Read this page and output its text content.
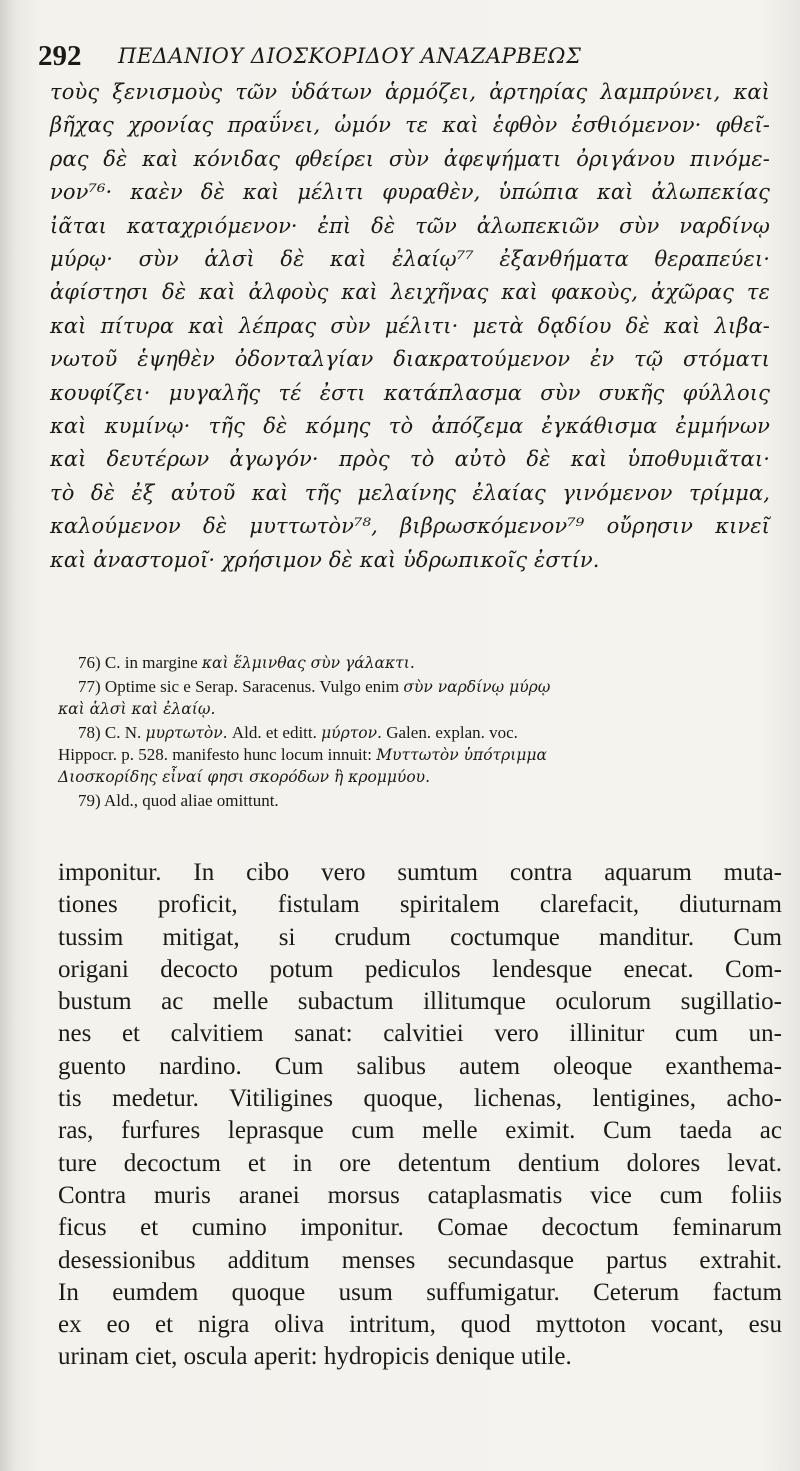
292 ΠΕΔΑΝΙΟΥ ΔΙΟΣΚΟΡΙΔΟΥ ΑΝΑΖΑΡΒΕΩΣ
τοὺς ξενισμοὺς τῶν ὑδάτων ἁρμόζει, ἀρτηρίας λαμπρύνει, καὶ
βῆχας χρονίας πραΰνει, ὠμόν τε καὶ ἑφθὸν ἐσθιόμενον· φθεῖ-
ρας δὲ καὶ κόνιδας φθείρει σὺν ἀφεψήματι ὀριγάνου πινόμε-
νον⁷⁶· καὲν δὲ καὶ μέλιτι φυραθὲν, ὑπώπια καὶ ἀλωπεκίας
ἰᾶται καταχριόμενον· ἐπὶ δὲ τῶν ἀλωπεκιῶν σὺν ναρδίνῳ
μύρῳ· σὺν ἁλσὶ δὲ καὶ ἐλαίῳ⁷⁷ ἐξανθήματα θεραπεύει·
ἀφίστησι δὲ καὶ ἀλφοὺς καὶ λειχῆνας καὶ φακοὺς, ἀχῶρας τε
καὶ πίτυρα καὶ λέπρας σὺν μέλιτι· μετὰ δᾳδίου δὲ καὶ λιβα-
νωτοῦ ἑψηθὲν ὀδονταλγίαν διακρατούμενον ἐν τῷ στόματι
κουφίζει· μυγαλῆς τέ ἐστι κατάπλασμα σὺν συκῆς φύλλοις
καὶ κυμίνῳ· τῆς δὲ κόμης τὸ ἀπόζεμα ἐγκάθισμα ἐμμήνων
καὶ δευτέρων ἀγωγόν· πρὸς τὸ αὐτὸ δὲ καὶ ὑποθυμιᾶται·
τὸ δὲ ἐξ αὐτοῦ καὶ τῆς μελαίνης ἐλαίας γινόμενον τρίμμα,
καλούμενον δὲ μυττωτὸν⁷⁸, βιβρωσκόμενον⁷⁹ οὔρησιν κινεῖ
καὶ ἀναστομοῖ· χρήσιμον δὲ καὶ ὑδρωπικοῖς ἐστίν.
76) C. in margine καὶ ἕλμινθας σὺν γάλακτι.
77) Optime sic e Serap. Saracenus. Vulgo enim σὺν ναρδίνῳ μύρῳ
καὶ ἁλσὶ καὶ ἐλαίῳ.
78) C. N. μυρτωτὸν. Ald. et editt. μύρτον. Galen. explan. voc.
Hippocr. p. 528. manifesto hunc locum innuit: Μυττωτὸν ὑπότριμμα
Διοσκορίδης εἶναί φησι σκορόδων ἢ κρομμύου.
79) Ald., quod aliae omittunt.
imponitur. In cibo vero sumtum contra aquarum muta-
tiones proficit, fistulam spiritalem clarefacit, diuturnam
tussim mitigat, si crudum coctumque manditur. Cum
origani decocto potum pediculos lendesque enecat. Com-
bustum ac melle subactum illitumque oculorum sugillatio-
nes et calvitiem sanat: calvitiei vero illinitur cum un-
guento nardino. Cum salibus autem oleoque exanthema-
tis medetur. Vitiligines quoque, lichenas, lentigines, acho-
ras, furfures leprasque cum melle eximit. Cum taeda ac
ture decoctum et in ore detentum dentium dolores levat.
Contra muris aranei morsus cataplasmatis vice cum foliis
ficus et cumino imponitur. Comae decoctum feminarum
desessionibus additum menses secundasque partus extrahit.
In eumdem quoque usum suffumigatur. Ceterum factum
ex eo et nigra oliva intritum, quod myttoton vocant, esu
urinam ciet, oscula aperit: hydropicis denique utile.
